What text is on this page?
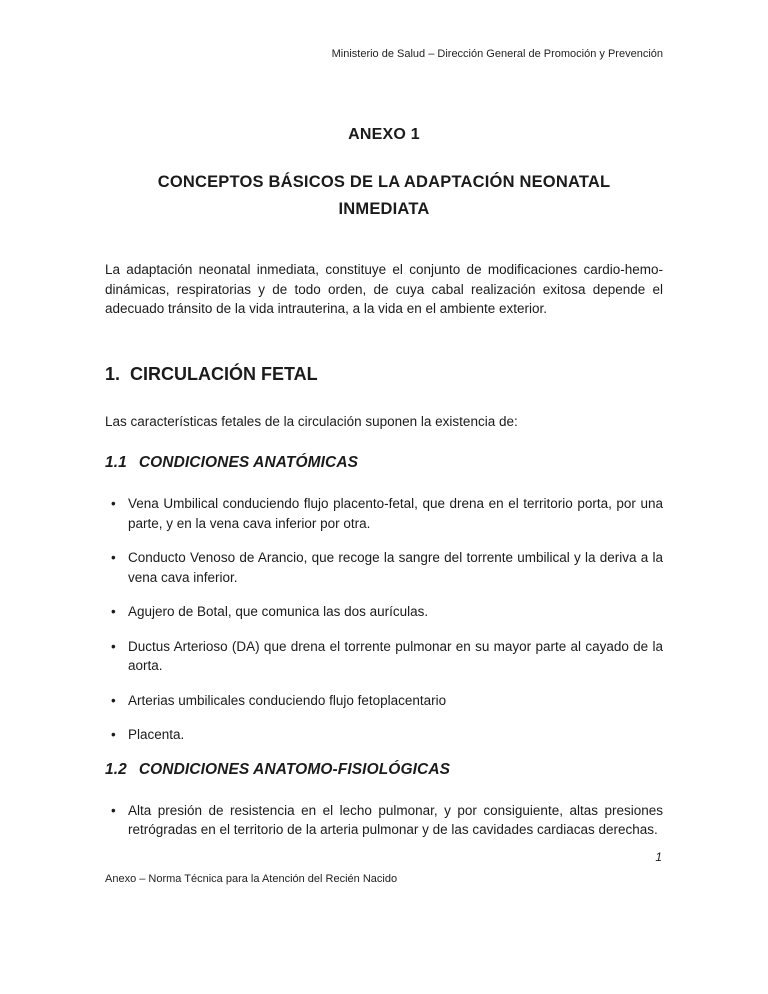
Ministerio de Salud – Dirección General de Promoción y Prevención
ANEXO 1
CONCEPTOS BÁSICOS DE LA ADAPTACIÓN NEONATAL INMEDIATA

La adaptación neonatal inmediata, constituye el conjunto de modificaciones cardio-hemo-dinámicas, respiratorias y de todo orden, de cuya cabal realización exitosa depende el adecuado tránsito de la vida intrauterina, a la vida en el ambiente exterior.

1. CIRCULACIÓN FETAL

Las características fetales de la circulación suponen la existencia de:

1.1 CONDICIONES ANATÓMICAS
• Vena Umbilical conduciendo flujo placento-fetal, que drena en el territorio porta, por una parte, y en la vena cava inferior por otra.
• Conducto Venoso de Arancio, que recoge la sangre del torrente umbilical y la deriva a la vena cava inferior.
• Agujero de Botal, que comunica las dos aurículas.
• Ductus Arterioso (DA) que drena el torrente pulmonar en su mayor parte al cayado de la aorta.
• Arterias umbilicales conduciendo flujo fetoplacentario
• Placenta.
1.2 CONDICIONES ANATOMO-FISIOLÓGICAS
• Alta presión de resistencia en el lecho pulmonar, y por consiguiente, altas presiones retrógradas en el territorio de la arteria pulmonar y de las cavidades cardiacas derechas.
1
Anexo – Norma Técnica para la Atención del Recién Nacido
